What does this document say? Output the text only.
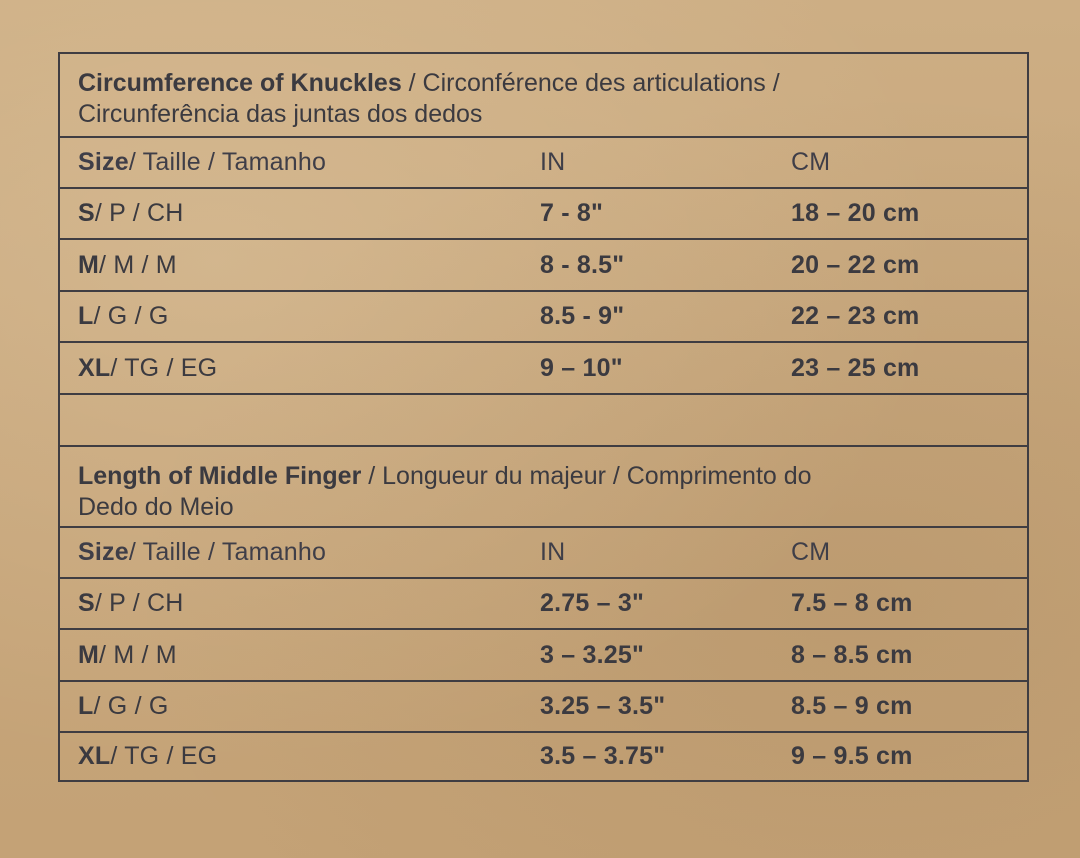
Circumference of Knuckles / Circonférence des articulations /
Circunferência das juntas dos dedos
Size / Taille / Tamanho	IN	CM
S / P / CH	7 - 8"	18 – 20 cm
M / M / M	8 - 8.5"	20 – 22 cm
L / G / G	8.5 - 9"	22 – 23 cm
XL / TG / EG	9 – 10"	23 – 25 cm
Length of Middle Finger / Longueur du majeur / Comprimento do
Dedo do Meio
Size / Taille / Tamanho	IN	CM
S / P / CH	2.75 – 3"	7.5 – 8 cm
M / M / M	3 – 3.25"	8 – 8.5 cm
L / G / G	3.25 – 3.5"	8.5 – 9 cm
XL / TG / EG	3.5 – 3.75"	9 – 9.5 cm
